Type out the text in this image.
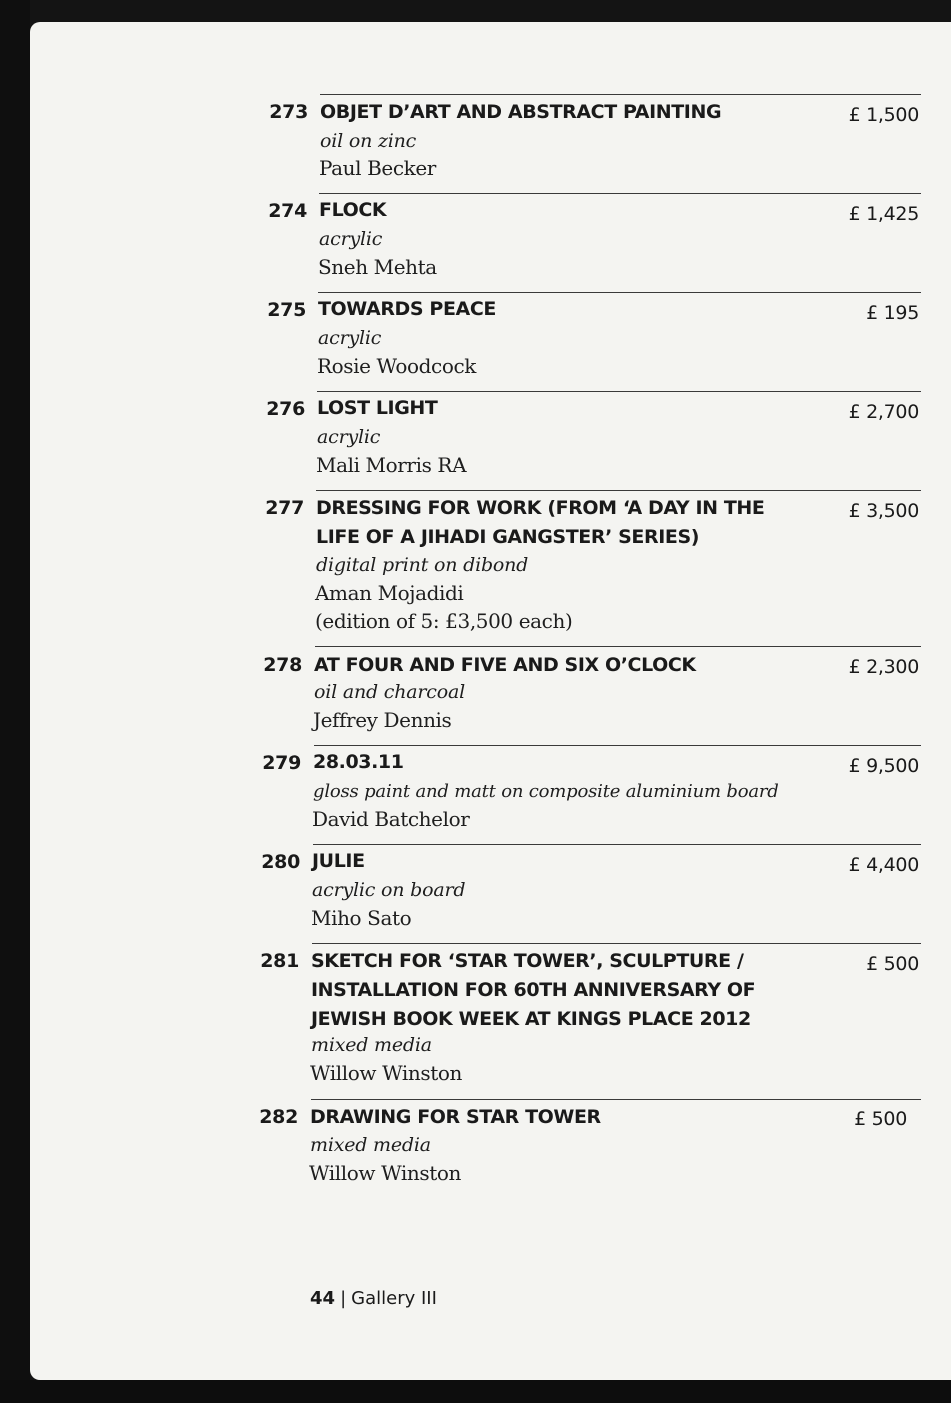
273 OBJET D’ART AND ABSTRACT PAINTING
oil on zinc
Paul Becker
£ 1,500
274 FLOCK
acrylic
Sneh Mehta
£ 1,425
275 TOWARDS PEACE
acrylic
Rosie Woodcock
£ 195
276 LOST LIGHT
acrylic
Mali Morris RA
£ 2,700
277 DRESSING FOR WORK (FROM ‘A DAY IN THE LIFE OF A JIHADI GANGSTER’ SERIES)
digital print on dibond
Aman Mojadidi
(edition of 5: £3,500 each)
£ 3,500
278 AT FOUR AND FIVE AND SIX O’CLOCK
oil and charcoal
Jeffrey Dennis
£ 2,300
279 28.03.11
gloss paint and matt on composite aluminium board
David Batchelor
£ 9,500
280 JULIE
acrylic on board
Miho Sato
£ 4,400
281 SKETCH FOR ‘STAR TOWER’, SCULPTURE / INSTALLATION FOR 60TH ANNIVERSARY OF JEWISH BOOK WEEK AT KINGS PLACE 2012
mixed media
Willow Winston
£ 500
282 DRAWING FOR STAR TOWER
mixed media
Willow Winston
£ 500
44 | Gallery III
